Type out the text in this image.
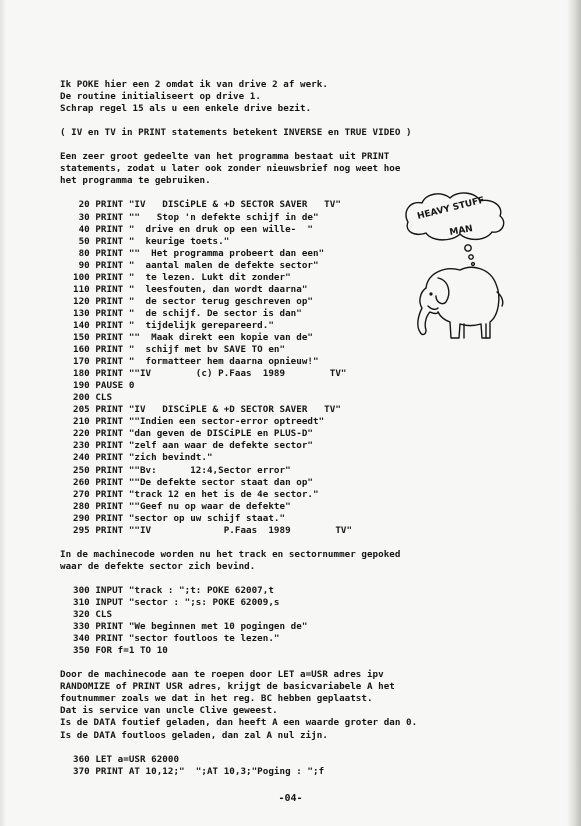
Ik POKE hier een 2 omdat ik van drive 2 af werk.
De routine initialiseert op drive 1.
Schrap regel 15 als u een enkele drive bezit.
( IV en TV in PRINT statements betekent INVERSE en TRUE VIDEO )
Een zeer groot gedeelte van het programma bestaat uit PRINT
statements, zodat u later ook zonder nieuwsbrief nog weet hoe
het programma te gebruiken.
20 PRINT "IV   DISCiPLE & +D SECTOR SAVER   TV"
30 PRINT ""   Stop 'n defekte schijf in de"
40 PRINT "  drive en druk op een wille-  "
50 PRINT "  keurige toets."
80 PRINT ""  Het programma probeert dan een"
90 PRINT "  aantal malen de defekte sector"
100 PRINT "  te lezen. Lukt dit zonder"
110 PRINT "  leesfouten, dan wordt daarna"
120 PRINT "  de sector terug geschreven op"
130 PRINT "  de schijf. De sector is dan"
140 PRINT "  tijdelijk gerepareerd."
150 PRINT ""  Maak direkt een kopie van de"
160 PRINT "  schijf met bv SAVE TO en"
170 PRINT "  formatteer hem daarna opnieuw!"
180 PRINT ""IV        (c) P.Faas  1989        TV"
190 PAUSE 0
200 CLS
205 PRINT "IV   DISCiPLE & +D SECTOR SAVER   TV"
210 PRINT ""Indien een sector-error optreedt"
220 PRINT "dan geven de DISCiPLE en PLUS-D"
230 PRINT "zelf aan waar de defekte sector"
240 PRINT "zich bevindt."
250 PRINT ""Bv:      12:4,Sector error"
260 PRINT ""De defekte sector staat dan op"
270 PRINT "track 12 en het is de 4e sector."
280 PRINT ""Geef nu op waar de defekte"
290 PRINT "sector op uw schijf staat."
295 PRINT ""IV             P.Faas  1989        TV"
In de machinecode worden nu het track en sectornummer gepoked
waar de defekte sector zich bevind.
300 INPUT "track : ";t: POKE 62007,t
310 INPUT "sector : ";s: POKE 62009,s
320 CLS
330 PRINT "We beginnen met 10 pogingen de"
340 PRINT "sector foutloos te lezen."
350 FOR f=1 TO 10
Door de machinecode aan te roepen door LET a=USR adres ipv
RANDOMIZE of PRINT USR adres, krijgt de basicvariabele A het
foutnummer zoals we dat in het reg. BC hebben geplaatst.
Dat is service van uncle Clive geweest.
Is de DATA foutief geladen, dan heeft A een waarde groter dan 0.
Is de DATA foutloos geladen, dan zal A nul zijn.
360 LET a=USR 62000
370 PRINT AT 10,12;"  ";AT 10,3;"Poging : ";f
HEAVY STUFF
MAN
-04-
